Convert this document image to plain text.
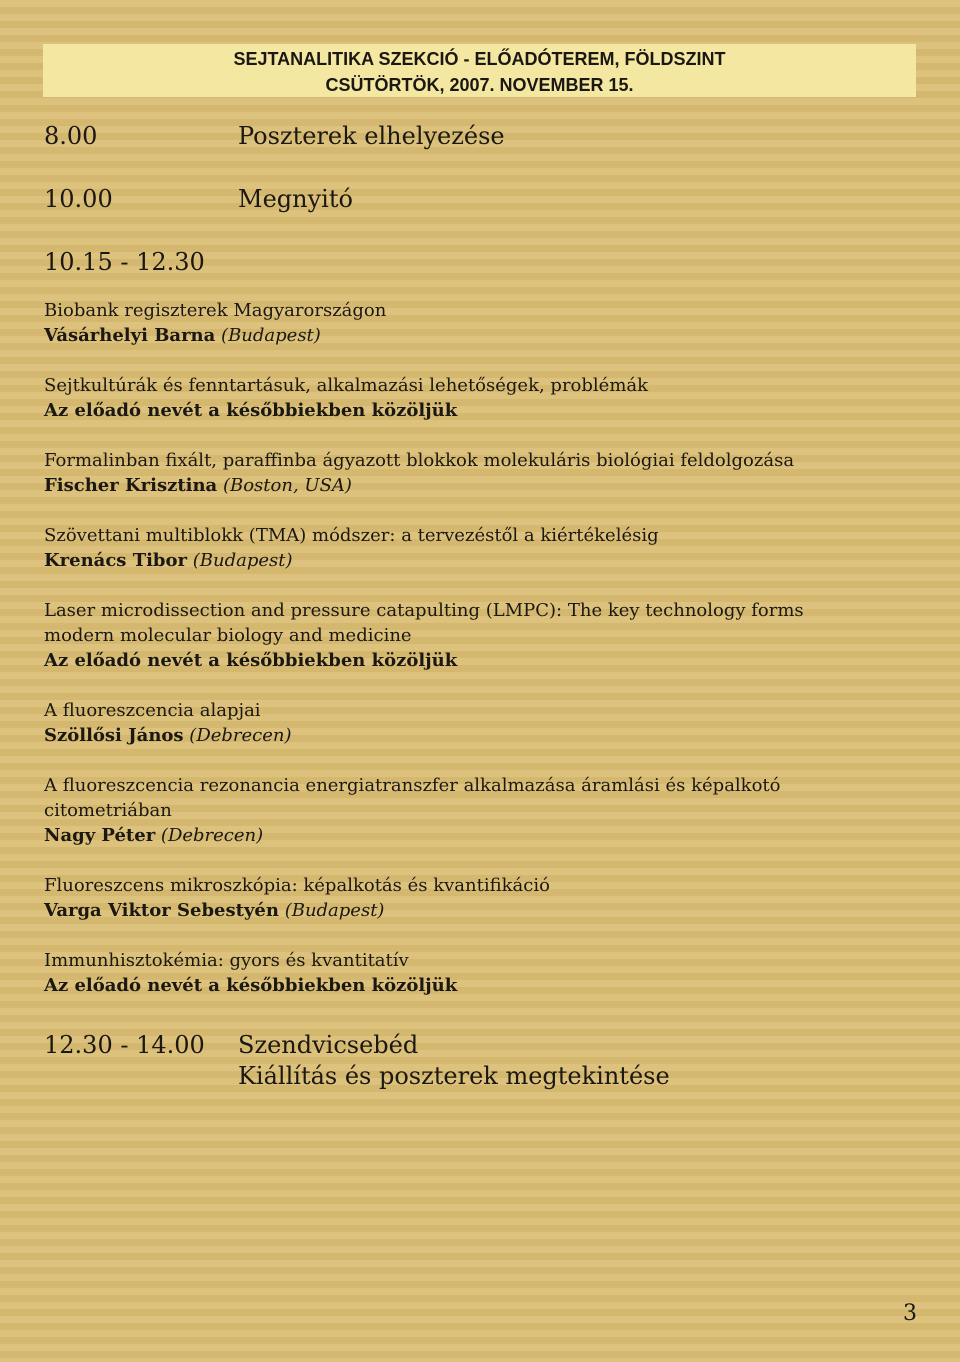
SEJTANALITIKA SZEKCIÓ - ELŐADÓTEREM, FÖLDSZINT
CSÜTÖRTÖK, 2007. NOVEMBER 15.
8.00	Poszterek elhelyezése
10.00	Megnyitó
10.15 - 12.30
Biobank regiszterek Magyarországon
Vásárhelyi Barna (Budapest)
Sejtkultúrák és fenntartásuk, alkalmazási lehetőségek, problémák
Az előadó nevét a későbbiekben közöljük
Formalinban fixált, paraffinba ágyazott blokkok molekuláris biológiai feldolgozása
Fischer Krisztina (Boston, USA)
Szövettani multiblokk (TMA) módszer: a tervezéstől a kiértékelésig
Krenács Tibor (Budapest)
Laser microdissection and pressure catapulting (LMPC): The key technology forms
modern molecular biology and medicine
Az előadó nevét a későbbiekben közöljük
A fluoreszcencia alapjai
Szöllősi János (Debrecen)
A fluoreszcencia rezonancia energiatranszfer alkalmazása áramlási és képalkotó
citometriában
Nagy Péter (Debrecen)
Fluoreszcens mikroszkópia: képalkotás és kvantifikáció
Varga Viktor Sebestyén (Budapest)
Immunhisztokémia: gyors és kvantitatív
Az előadó nevét a későbbiekben közöljük
12.30 - 14.00 Szendvicsebéd
Kiállítás és poszterek megtekintése
3
